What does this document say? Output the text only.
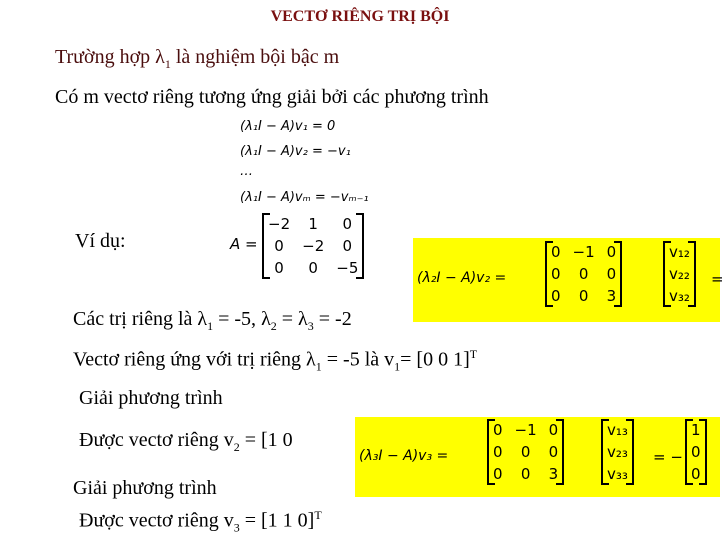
VECTƠ RIÊNG TRỊ BỘI
Trường hợp $\lambda_1$ là nghiệm bội bậc m
Có m vectơ riêng tương ứng giải bởi các phương trình
(λ₁I − A)v₁ = 0
(λ₁I − A)v₂ = −v₁
…
(λ₁I − A)vₘ = −vₘ₋₁
Ví dụ:	A =
−2	1	0
0	−2	0
0	0	−5
(λ₂I − A)v₂ =
0	−1	0
0	0	0
0	0	3
v₁₂
v₂₂
v₃₂
=
Các trị riêng là $\lambda_1 = -5$, $\lambda_2 = \lambda_3 = -2$
Vectơ riêng ứng với trị riêng $\lambda_1 = -5$ là $v_1= [0$ 0 1]$^T$
Giải phương trình
Được vectơ riêng $v_2 = [1$ 0
(λ₃I − A)v₃ =
0	−1	0
0	0	0
0	0	3
v₁₃
v₂₃
v₃₃
= −
1
0
0
Giải phương trình
Được vectơ riêng $v_3 = [1$ 1 0]$^T$
